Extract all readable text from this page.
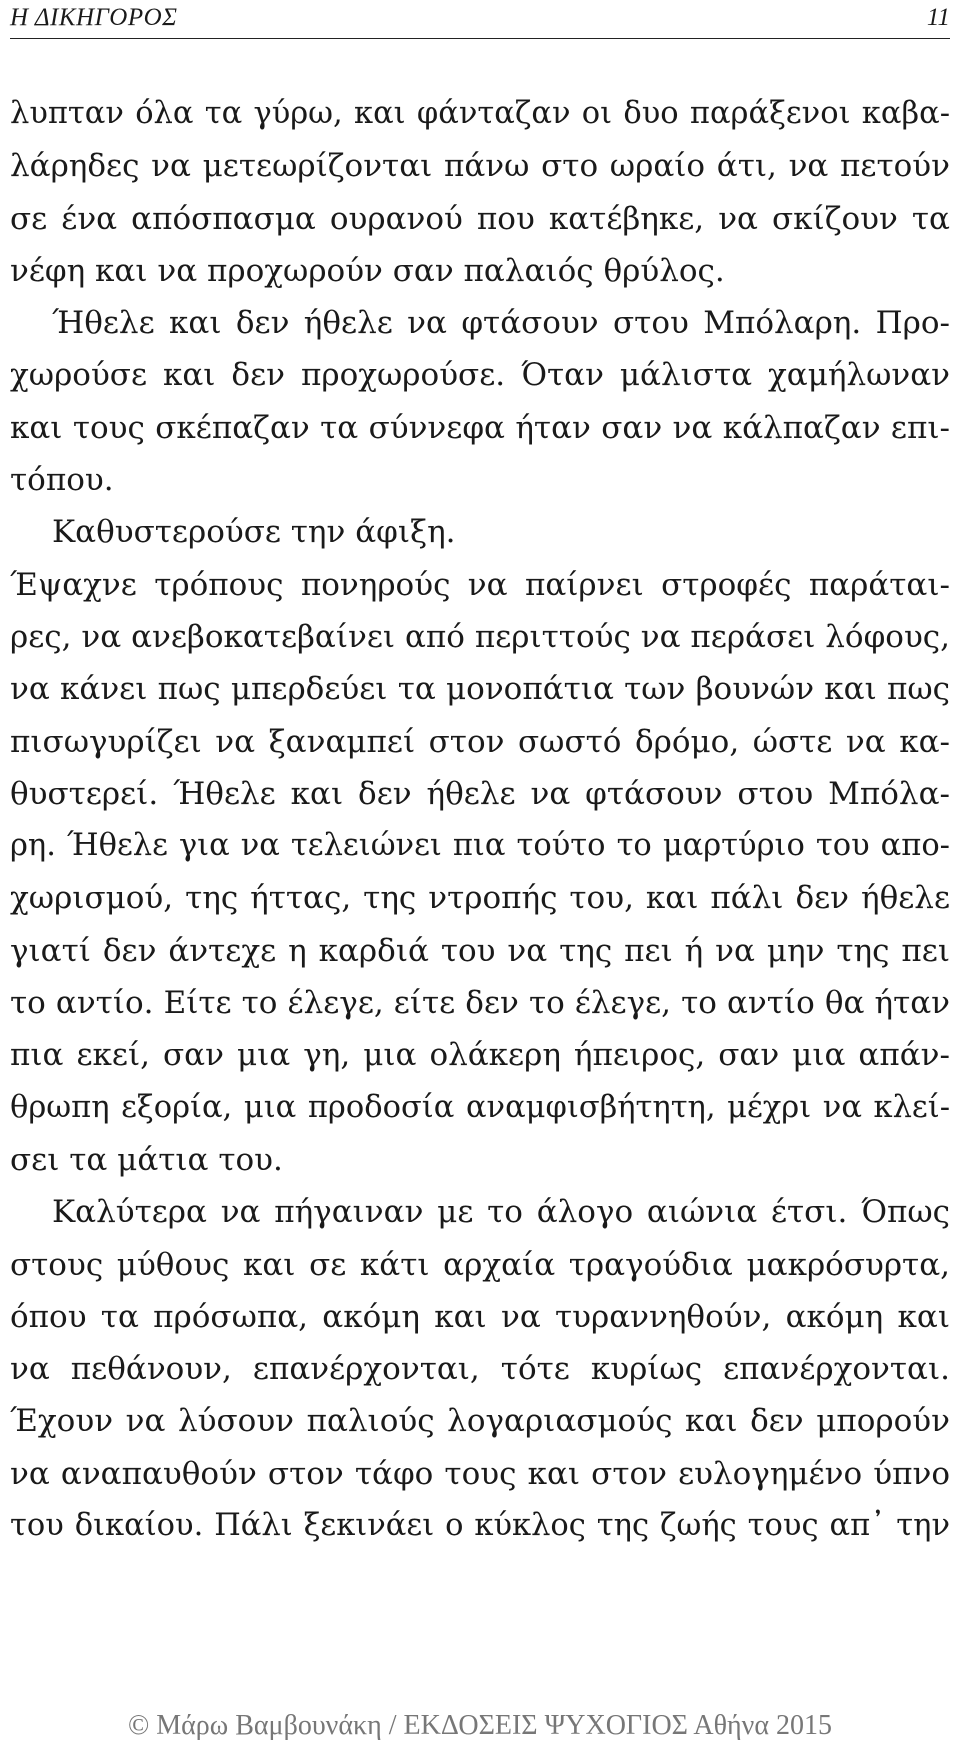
Η ΔΙΚΗΓΟΡΟΣ	11
λυπταν όλα τα γύρω, και φάνταζαν οι δυο παράξενοι καβα-
λάρηδες να μετεωρίζονται πάνω στο ωραίο άτι, να πετούν
σε ένα απόσπασμα ουρανού που κατέβηκε, να σκίζουν τα
νέφη και να προχωρούν σαν παλαιός θρύλος.
Ήθελε και δεν ήθελε να φτάσουν στου Μπόλαρη. Προ-
χωρούσε και δεν προχωρούσε. Όταν μάλιστα χαμήλωναν
και τους σκέπαζαν τα σύννεφα ήταν σαν να κάλπαζαν επι-
τόπου.
Καθυστερούσε την άφιξη.
Έψαχνε τρόπους πονηρούς να παίρνει στροφές παράται-
ρες, να ανεβοκατεβαίνει από περιττούς να περάσει λόφους,
να κάνει πως μπερδεύει τα μονοπάτια των βουνών και πως
πισωγυρίζει να ξαναμπεί στον σωστό δρόμο, ώστε να κα-
θυστερεί. Ήθελε και δεν ήθελε να φτάσουν στου Μπόλα-
ρη. Ήθελε για να τελειώνει πια τούτο το μαρτύριο του απο-
χωρισμού, της ήττας, της ντροπής του, και πάλι δεν ήθελε
γιατί δεν άντεχε η καρδιά του να της πει ή να μην της πει
το αντίο. Είτε το έλεγε, είτε δεν το έλεγε, το αντίο θα ήταν
πια εκεί, σαν μια γη, μια ολάκερη ήπειρος, σαν μια απάν-
θρωπη εξορία, μια προδοσία αναμφισβήτητη, μέχρι να κλεί-
σει τα μάτια του.
Καλύτερα να πήγαιναν με το άλογο αιώνια έτσι. Όπως
στους μύθους και σε κάτι αρχαία τραγούδια μακρόσυρτα,
όπου τα πρόσωπα, ακόμη και να τυραννηθούν, ακόμη και
να πεθάνουν, επανέρχονται, τότε κυρίως επανέρχονται.
Έχουν να λύσουν παλιούς λογαριασμούς και δεν μπορούν
να αναπαυθούν στον τάφο τους και στον ευλογημένο ύπνο
του δικαίου. Πάλι ξεκινάει ο κύκλος της ζωής τους απ᾽ την
© Μάρω Βαμβουνάκη / ΕΚΔΟΣΕΙΣ ΨΥΧΟΓΙΟΣ Αθήνα 2015
